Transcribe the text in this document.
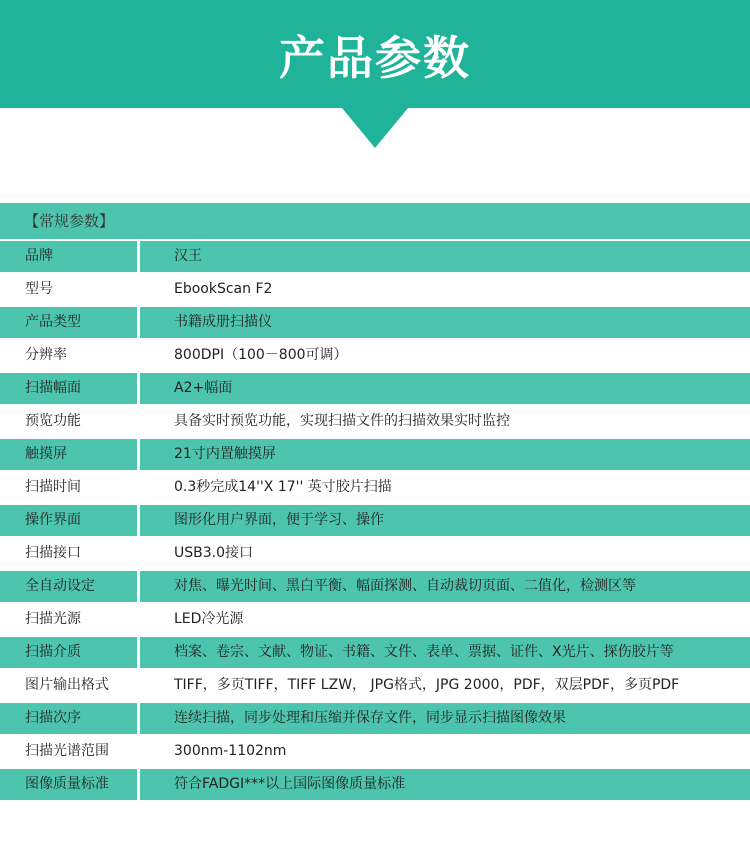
产品参数
【常规参数】
品牌	汉王
型号	EbookScan F2
产品类型	书籍成册扫描仪
分辨率	800DPI（100－800可调）
扫描幅面	A2+幅面
预览功能	具备实时预览功能，实现扫描文件的扫描效果实时监控
触摸屏	21寸内置触摸屏
扫描时间	0.3秒完成14''X 17'' 英寸胶片扫描
操作界面	图形化用户界面，便于学习、操作
扫描接口	USB3.0接口
全自动设定	对焦、曝光时间、黑白平衡、幅面探测、自动裁切页面、二值化，检测区等
扫描光源	LED冷光源
扫描介质	档案、卷宗、文献、物证、书籍、文件、表单、票据、证件、X光片、探伤胶片等
图片输出格式	TIFF，多页TIFF，TIFF LZW， JPG格式，JPG 2000，PDF，双层PDF，多页PDF
扫描次序	连续扫描，同步处理和压缩并保存文件，同步显示扫描图像效果
扫描光谱范围	300nm-1102nm
图像质量标准	符合FADGI***以上国际图像质量标准
